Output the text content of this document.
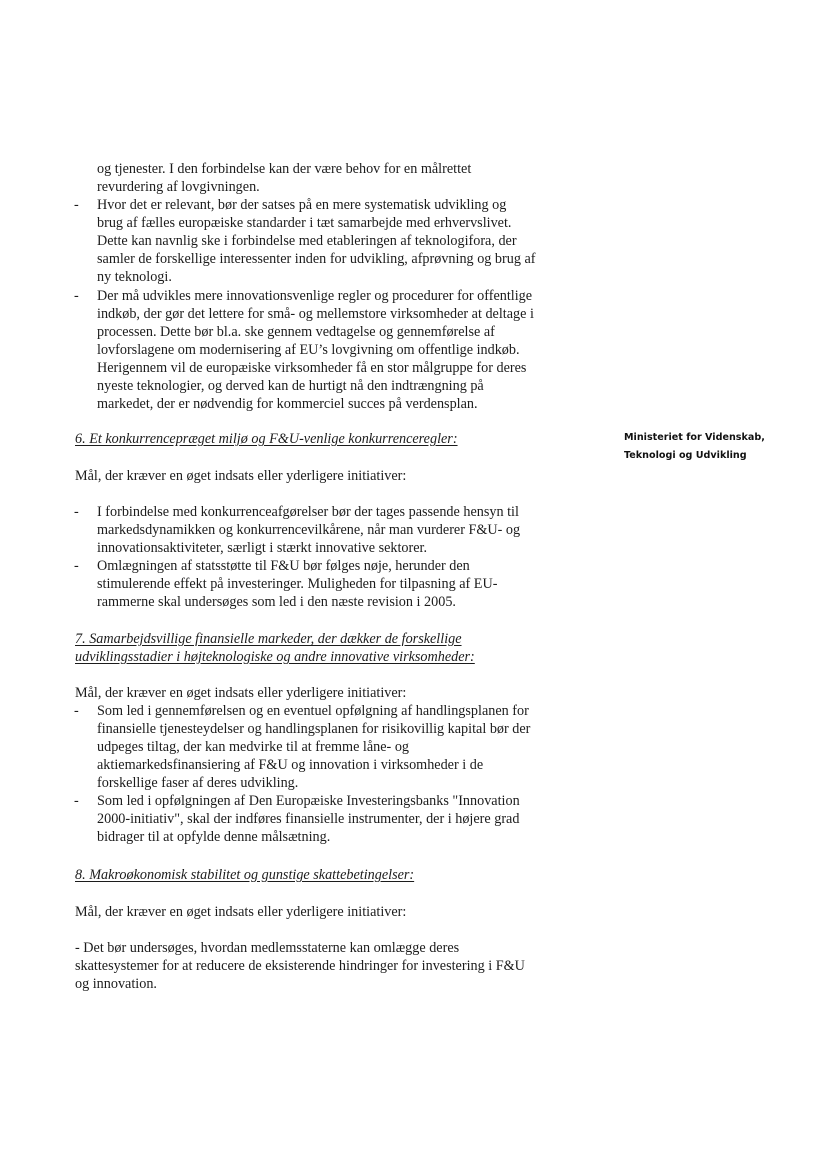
Ministeriet for Videnskab,
Teknologi og Udvikling

og tjenester. I den forbindelse kan der være behov for en målrettet
revurdering af lovgivningen.

- Hvor det er relevant, bør der satses på en mere systematisk udvikling og
brug af fælles europæiske standarder i tæt samarbejde med erhvervslivet.
Dette kan navnlig ske i forbindelse med etableringen af teknologifora, der
samler de forskellige interessenter inden for udvikling, afprøvning og brug af
ny teknologi.

- Der må udvikles mere innovationsvenlige regler og procedurer for offentlige
indkøb, der gør det lettere for små- og mellemstore virksomheder at deltage i
processen. Dette bør bl.a. ske gennem vedtagelse og gennemførelse af
lovforslagene om modernisering af EU’s lovgivning om offentlige indkøb.
Herigennem vil de europæiske virksomheder få en stor målgruppe for deres
nyeste teknologier, og derved kan de hurtigt nå den indtrængning på
markedet, der er nødvendig for kommerciel succes på verdensplan.

6. Et konkurrencepræget miljø og F&U-venlige konkurrenceregler:

Mål, der kræver en øget indsats eller yderligere initiativer:

- I forbindelse med konkurrenceafgørelser bør der tages passende hensyn til
markedsdynamikken og konkurrencevilkårene, når man vurderer F&U- og
innovationsaktiviteter, særligt i stærkt innovative sektorer.

- Omlægningen af statsstøtte til F&U bør følges nøje, herunder den
stimulerende effekt på investeringer. Muligheden for tilpasning af EU-
rammerne skal undersøges som led i den næste revision i 2005.

7. Samarbejdsvillige finansielle markeder, der dækker de forskellige
udviklingsstadier i højteknologiske og andre innovative virksomheder:

Mål, der kræver en øget indsats eller yderligere initiativer:

- Som led i gennemførelsen og en eventuel opfølgning af handlingsplanen for
finansielle tjenesteydelser og handlingsplanen for risikovillig kapital bør der
udpeges tiltag, der kan medvirke til at fremme låne- og
aktiemarkedsfinansiering af F&U og innovation i virksomheder i de
forskellige faser af deres udvikling.

- Som led i opfølgningen af Den Europæiske Investeringsbanks "Innovation
2000-initiativ", skal der indføres finansielle instrumenter, der i højere grad
bidrager til at opfylde denne målsætning.

8. Makroøkonomisk stabilitet og gunstige skattebetingelser:

Mål, der kræver en øget indsats eller yderligere initiativer:

- Det bør undersøges, hvordan medlemsstaterne kan omlægge deres
skattesystemer for at reducere de eksisterende hindringer for investering i F&U
og innovation.
